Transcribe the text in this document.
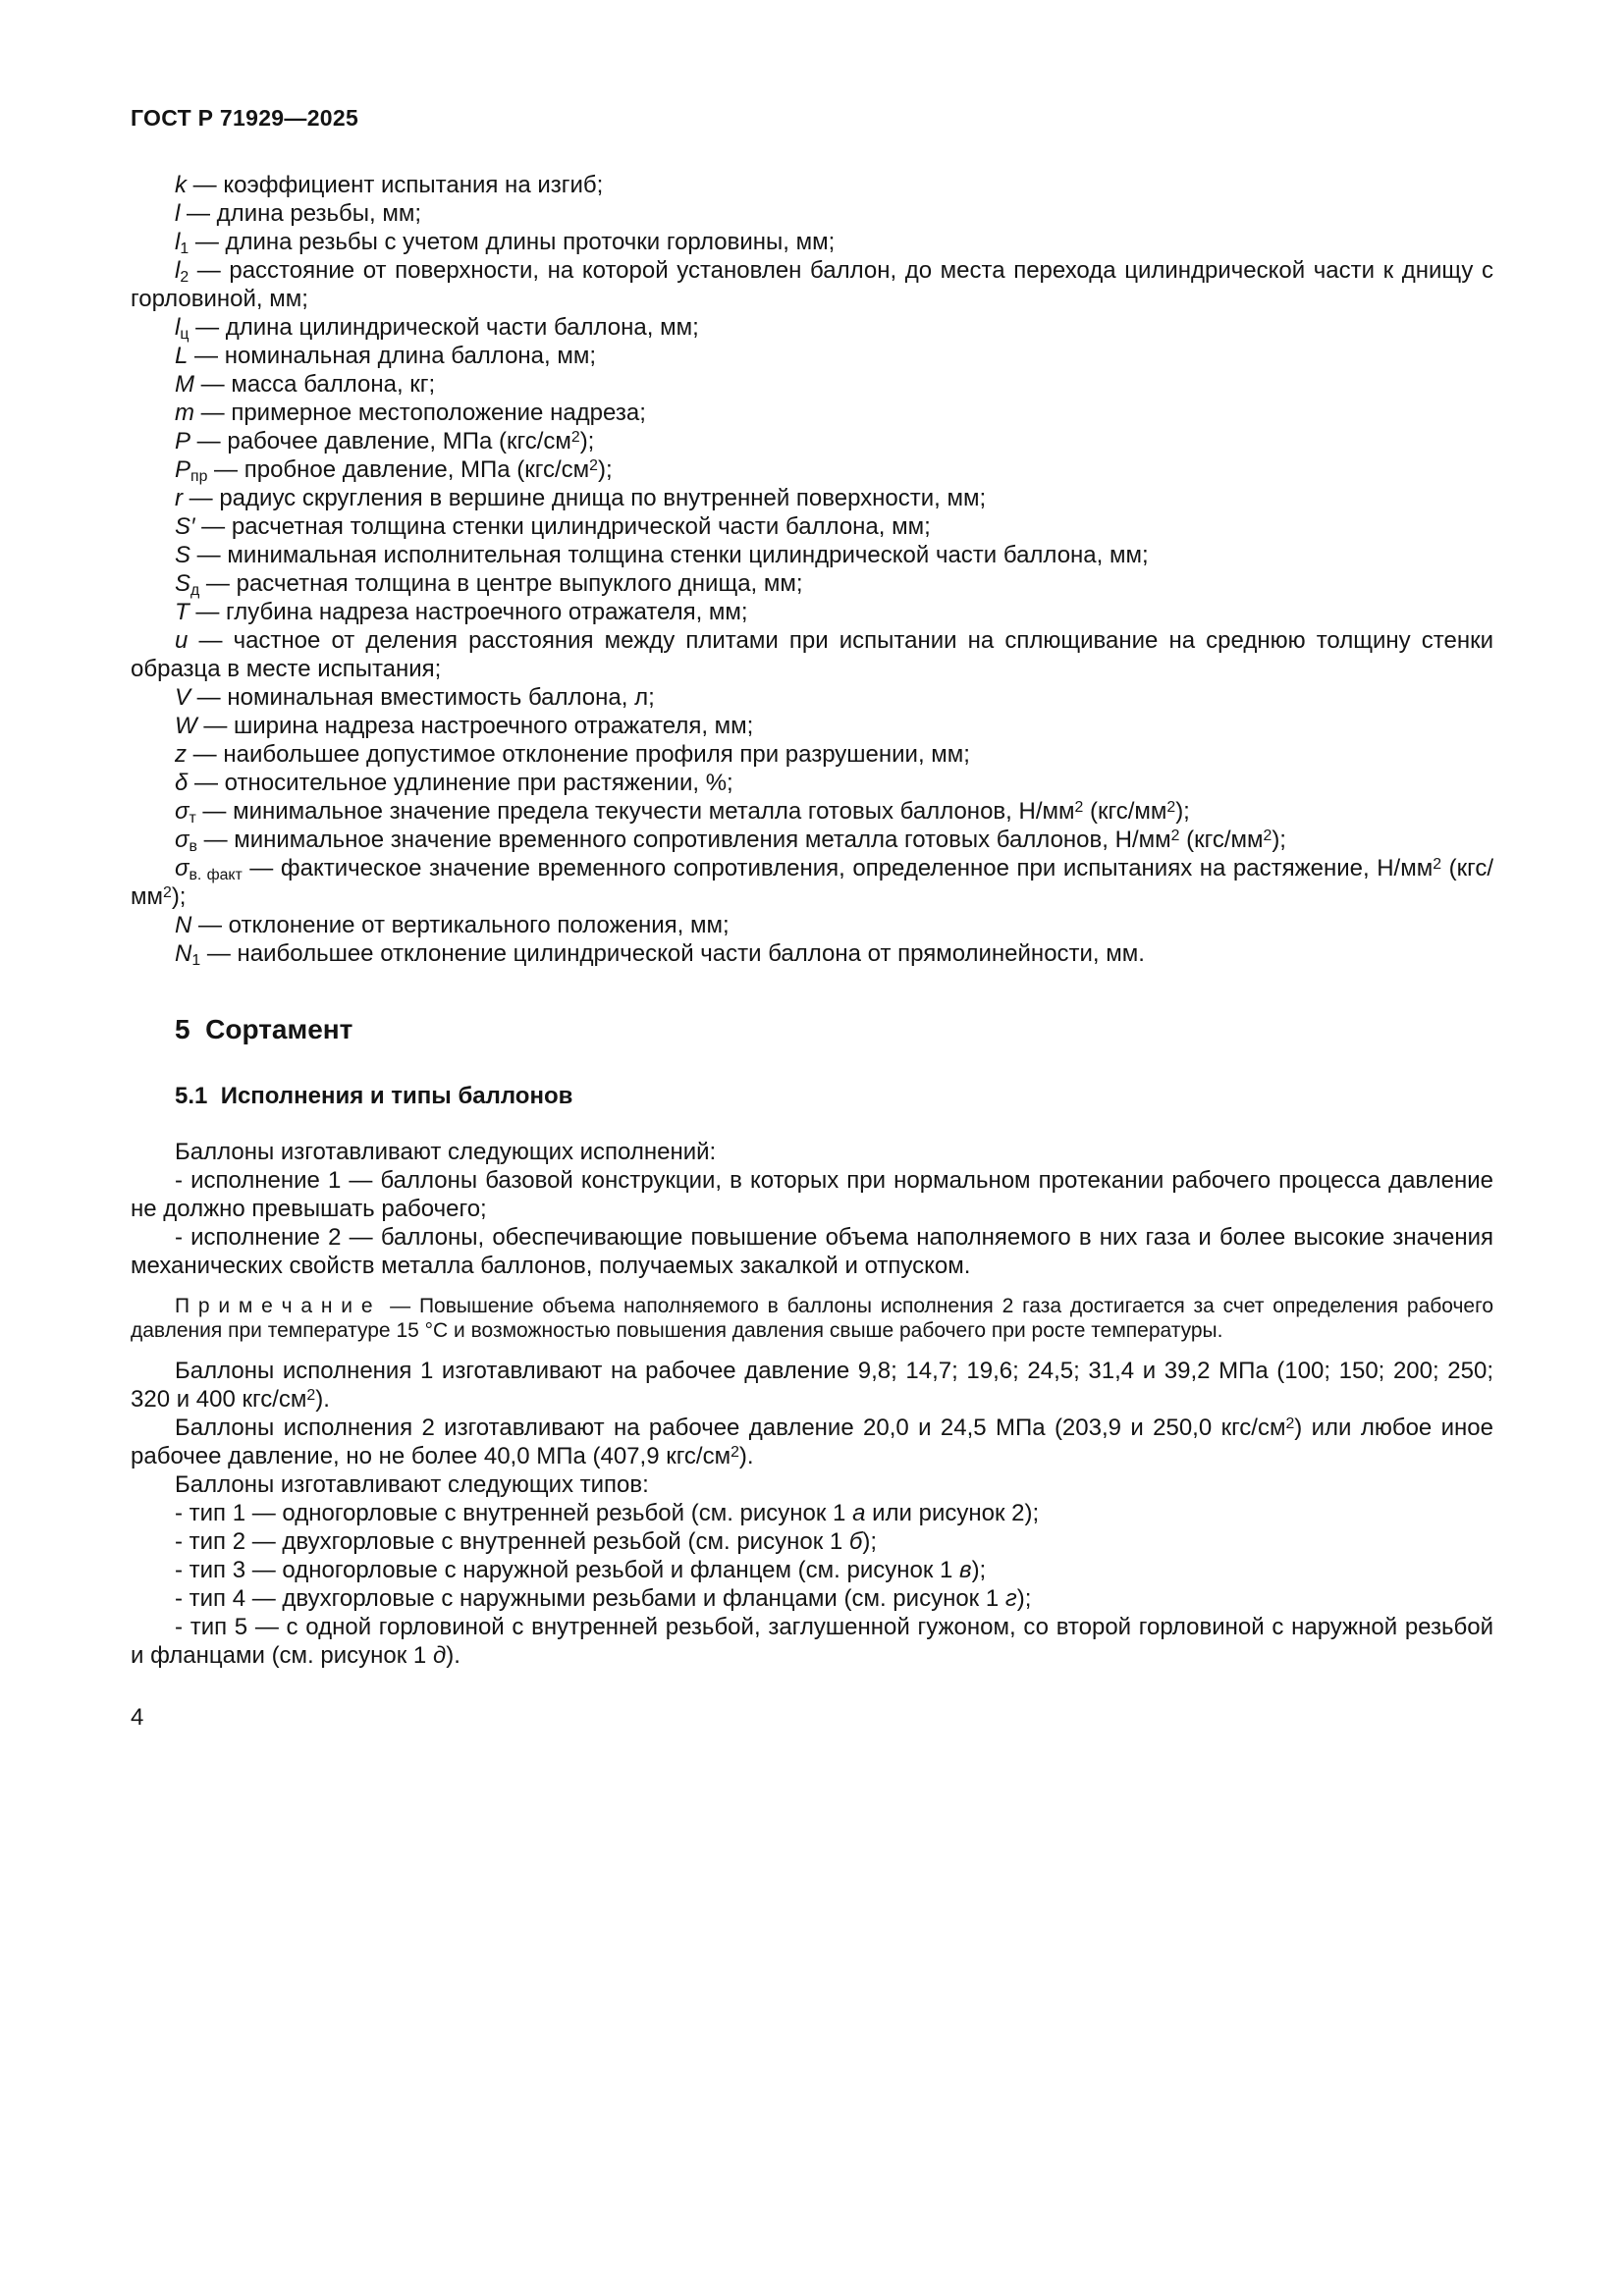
ГОСТ Р 71929—2025

k — коэффициент испытания на изгиб;

l — длина резьбы, мм;

l1 — длина резьбы с учетом длины проточки горловины, мм;

l2 — расстояние от поверхности, на которой установлен баллон, до места перехода цилиндрической части к днищу с горловиной, мм;

lц — длина цилиндрической части баллона, мм;

L — номинальная длина баллона, мм;

M — масса баллона, кг;

m — примерное местоположение надреза;

P — рабочее давление, МПа $(кгс/см^2)$;

Pпр — пробное давление, МПа $(кгс/см^2)$;

r — радиус скругления в вершине днища по внутренней поверхности, мм;

S′ — расчетная толщина стенки цилиндрической части баллона, мм;

S — минимальная исполнительная толщина стенки цилиндрической части баллона, мм;

Sд — расчетная толщина в центре выпуклого днища, мм;

T — глубина надреза настроечного отражателя, мм;

u — частное от деления расстояния между плитами при испытании на сплющивание на среднюю толщину стенки образца в месте испытания;

V — номинальная вместимость баллона, л;

W — ширина надреза настроечного отражателя, мм;

z — наибольшее допустимое отклонение профиля при разрушении, мм;

δ — относительное удлинение при растяжении, %;

σт — минимальное значение предела текучести металла готовых баллонов, $Н/мм^2$ $(кгс/мм^2)$;

σв — минимальное значение временного сопротивления металла готовых баллонов, $Н/мм^2$ $(кгс/мм^2)$;

σв. факт — фактическое значение временного сопротивления, определенное при испытаниях на растяжение, $Н/мм^2$ $(кгс/мм^2)$;

N — отклонение от вертикального положения, мм;

N1 — наибольшее отклонение цилиндрической части баллона от прямолинейности, мм.

5  Сортамент
5.1  Исполнения и типы баллонов

Баллоны изготавливают следующих исполнений:

- исполнение 1 — баллоны базовой конструкции, в которых при нормальном протекании рабочего процесса давление не должно превышать рабочего;

- исполнение 2 — баллоны, обеспечивающие повышение объема наполняемого в них газа и более высокие значения механических свойств металла баллонов, получаемых закалкой и отпуском.

П р и м е ч а н и е  — Повышение объема наполняемого в баллоны исполнения 2 газа достигается за счет определения рабочего давления при температуре 15 °С и возможностью повышения давления свыше рабочего при росте температуры.

Баллоны исполнения 1 изготавливают на рабочее давление 9,8; 14,7; 19,6; 24,5; 31,4 и 39,2 МПа (100; 150; 200; 250; 320 и 400 кгс/$см^2$).

Баллоны исполнения 2 изготавливают на рабочее давление 20,0 и 24,5 МПа (203,9 и 250,0 кгс/$см^2$) или любое иное рабочее давление, но не более 40,0 МПа (407,9 кгс/$см^2$).

Баллоны изготавливают следующих типов:

- тип 1 — одногорловые с внутренней резьбой (см. рисунок 1 а или рисунок 2);

- тип 2 — двухгорловые с внутренней резьбой (см. рисунок 1 б);

- тип 3 — одногорловые с наружной резьбой и фланцем (см. рисунок 1 в);

- тип 4 — двухгорловые с наружными резьбами и фланцами (см. рисунок 1 г);

- тип 5 — с одной горловиной с внутренней резьбой, заглушенной гужоном, со второй горловиной с наружной резьбой и фланцами (см. рисунок 1 д).

4
